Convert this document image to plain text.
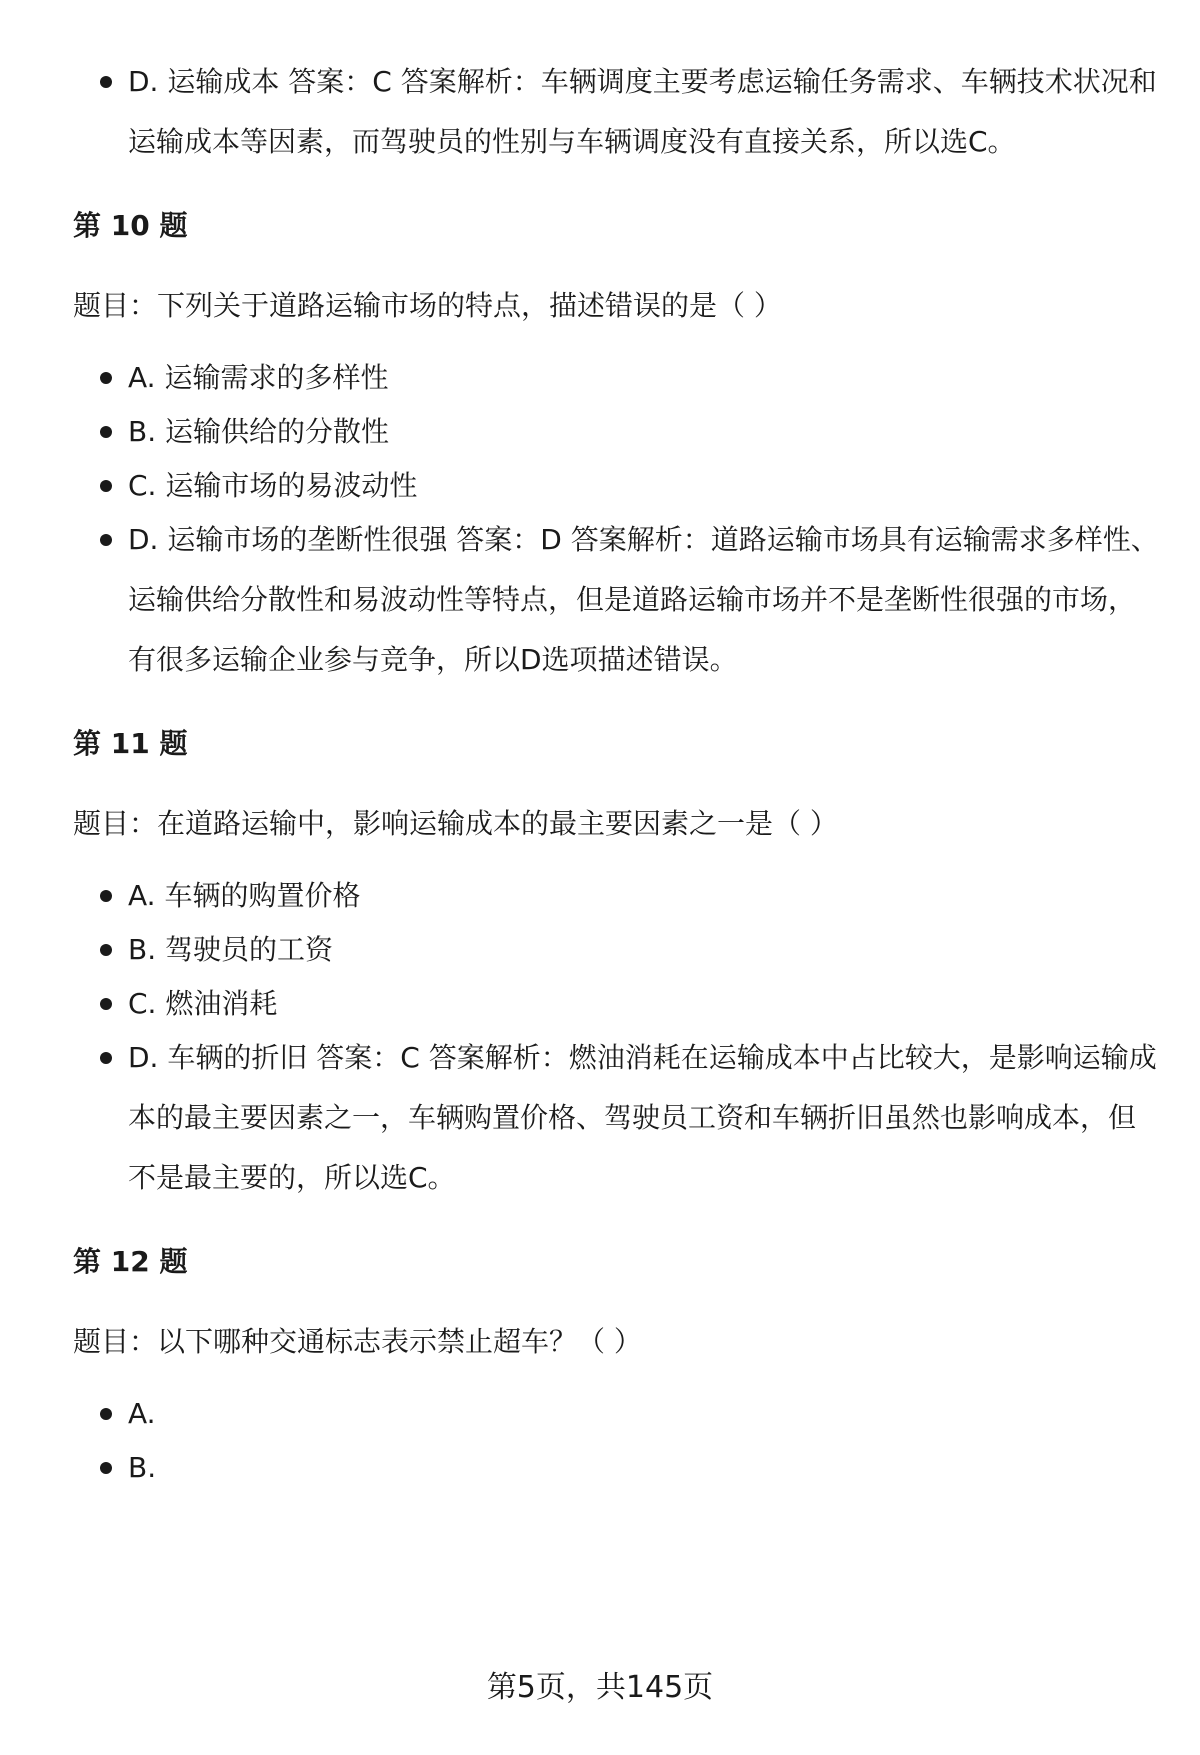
D. 运输成本 答案：C 答案解析：车辆调度主要考虑运输任务需求、车辆技术状况和运输成本等因素，而驾驶员的性别与车辆调度没有直接关系，所以选C。
第 10 题
题目：下列关于道路运输市场的特点，描述错误的是（ ）
A. 运输需求的多样性
B. 运输供给的分散性
C. 运输市场的易波动性
D. 运输市场的垄断性很强 答案：D 答案解析：道路运输市场具有运输需求多样性、运输供给分散性和易波动性等特点，但是道路运输市场并不是垄断性很强的市场，有很多运输企业参与竞争，所以D选项描述错误。
第 11 题
题目：在道路运输中，影响运输成本的最主要因素之一是（ ）
A. 车辆的购置价格
B. 驾驶员的工资
C. 燃油消耗
D. 车辆的折旧 答案：C 答案解析：燃油消耗在运输成本中占比较大，是影响运输成本的最主要因素之一，车辆购置价格、驾驶员工资和车辆折旧虽然也影响成本，但不是最主要的，所以选C。
第 12 题
题目：以下哪种交通标志表示禁止超车？（ ）
A.
B.
第5页，共145页
